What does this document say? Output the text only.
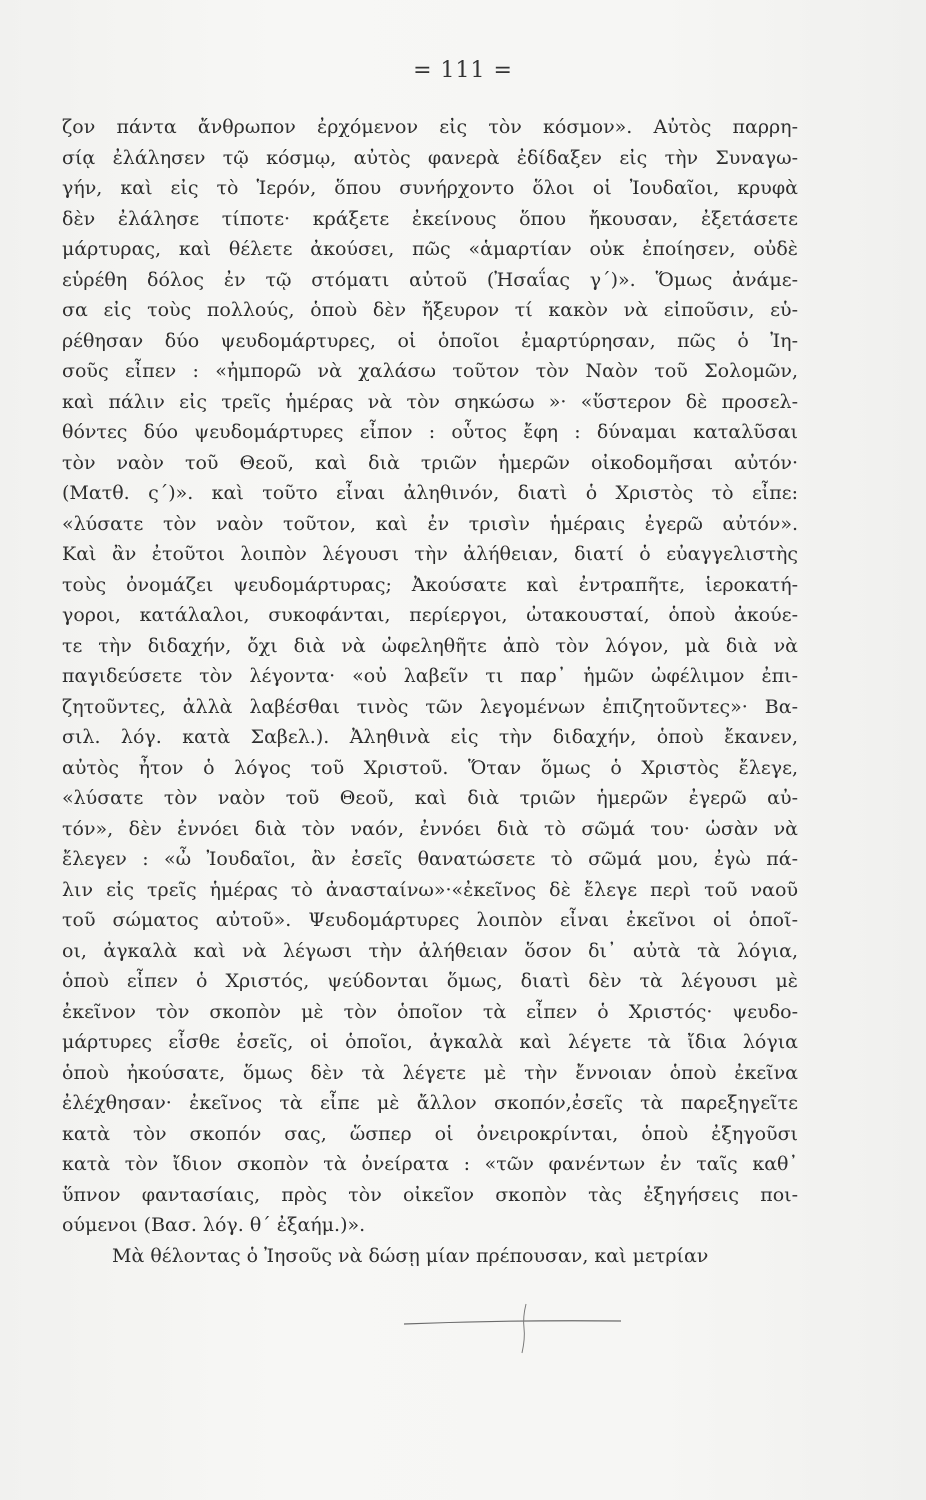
= 111 =
ζον πάντα ἄνθρωπον ἐρχόμενον εἰς τὸν κόσμον». Αὐτὸς παρρη-
σίᾳ ἐλάλησεν τῷ κόσμῳ, αὐτὸς φανερὰ ἐδίδαξεν εἰς τὴν Συναγω-
γήν, καὶ εἰς τὸ Ἱερόν, ὅπου συνήρχοντο ὅλοι οἱ Ἰουδαῖοι, κρυφὰ
δὲν ἐλάλησε τίποτε· κράξετε ἐκείνους ὅπου ἤκουσαν, ἐξετάσετε
μάρτυρας, καὶ θέλετε ἀκούσει, πῶς «ἁμαρτίαν οὐκ ἐποίησεν, οὐδὲ
εὑρέθη δόλος ἐν τῷ στόματι αὐτοῦ (Ἠσαΐας γ΄)». Ὅμως ἀνάμε-
σα εἰς τοὺς πολλούς, ὁποὺ δὲν ἤξευρον τί κακὸν νὰ εἰποῦσιν, εὑ-
ρέθησαν δύο ψευδομάρτυρες, οἱ ὁποῖοι ἐμαρτύρησαν, πῶς ὁ Ἰη-
σοῦς εἶπεν : «ἠμπορῶ νὰ χαλάσω τοῦτον τὸν Ναὸν τοῦ Σολομῶν,
καὶ πάλιν εἰς τρεῖς ἡμέρας νὰ τὸν σηκώσω »· «ὕστερον δὲ προσελ-
θόντες δύο ψευδομάρτυρες εἶπον : οὗτος ἔφη : δύναμαι καταλῦσαι
τὸν ναὸν τοῦ Θεοῦ, καὶ διὰ τριῶν ἡμερῶν οἰκοδομῆσαι αὐτόν·
(Ματθ. ς΄)». καὶ τοῦτο εἶναι ἀληθινόν, διατὶ ὁ Χριστὸς τὸ εἶπε:
«λύσατε τὸν ναὸν τοῦτον, καὶ ἐν τρισὶν ἡμέραις ἐγερῶ αὐτόν».
Καὶ ἂν ἐτοῦτοι λοιπὸν λέγουσι τὴν ἀλήθειαν, διατί ὁ εὐαγγελιστὴς
τοὺς ὀνομάζει ψευδομάρτυρας; Ἀκούσατε καὶ ἐντραπῆτε, ἱεροκατή-
γοροι, κατάλαλοι, συκοφάνται, περίεργοι, ὠτακουσταί, ὁποὺ ἀκούε-
τε τὴν διδαχήν, ὄχι διὰ νὰ ὠφεληθῆτε ἀπὸ τὸν λόγον, μὰ διὰ νὰ
παγιδεύσετε τὸν λέγοντα· «οὐ λαβεῖν τι παρ᾽ ἡμῶν ὠφέλιμον ἐπι-
ζητοῦντες, ἀλλὰ λαβέσθαι τινὸς τῶν λεγομένων ἐπιζητοῦντες»· Βα-
σιλ. λόγ. κατὰ Σαβελ.). Ἀληθινὰ εἰς τὴν διδαχήν, ὁποὺ ἔκανεν,
αὐτὸς ἦτον ὁ λόγος τοῦ Χριστοῦ. Ὅταν ὅμως ὁ Χριστὸς ἔλεγε,
«λύσατε τὸν ναὸν τοῦ Θεοῦ, καὶ διὰ τριῶν ἡμερῶν ἐγερῶ αὐ-
τόν», δὲν ἐννόει διὰ τὸν ναόν, ἐννόει διὰ τὸ σῶμά του· ὡσὰν νὰ
ἔλεγεν : «ὦ Ἰουδαῖοι, ἂν ἐσεῖς θανατώσετε τὸ σῶμά μου, ἐγὼ πά-
λιν εἰς τρεῖς ἡμέρας τὸ ἀνασταίνω»·«ἐκεῖνος δὲ ἔλεγε περὶ τοῦ ναοῦ
τοῦ σώματος αὐτοῦ». Ψευδομάρτυρες λοιπὸν εἶναι ἐκεῖνοι οἱ ὁποῖ-
οι, ἀγκαλὰ καὶ νὰ λέγωσι τὴν ἀλήθειαν ὅσον δι᾽ αὐτὰ τὰ λόγια,
ὁποὺ εἶπεν ὁ Χριστός, ψεύδονται ὅμως, διατὶ δὲν τὰ λέγουσι μὲ
ἐκεῖνον τὸν σκοπὸν μὲ τὸν ὁποῖον τὰ εἶπεν ὁ Χριστός· ψευδο-
μάρτυρες εἶσθε ἐσεῖς, οἱ ὁποῖοι, ἀγκαλὰ καὶ λέγετε τὰ ἴδια λόγια
ὁποὺ ἠκούσατε, ὅμως δὲν τὰ λέγετε μὲ τὴν ἔννοιαν ὁποὺ ἐκεῖνα
ἐλέχθησαν· ἐκεῖνος τὰ εἶπε μὲ ἄλλον σκοπόν,ἐσεῖς τὰ παρεξηγεῖτε
κατὰ τὸν σκοπόν σας, ὥσπερ οἱ ὀνειροκρίνται, ὁποὺ ἐξηγοῦσι
κατὰ τὸν ἴδιον σκοπὸν τὰ ὀνείρατα : «τῶν φανέντων ἐν ταῖς καθ᾽
ὕπνον φαντασίαις, πρὸς τὸν οἰκεῖον σκοπὸν τὰς ἐξηγήσεις ποι-
ούμενοι (Βασ. λόγ. θ΄ ἐξαήμ.)».
Μὰ θέλοντας ὁ Ἰησοῦς νὰ δώσῃ μίαν πρέπουσαν, καὶ μετρίαν
